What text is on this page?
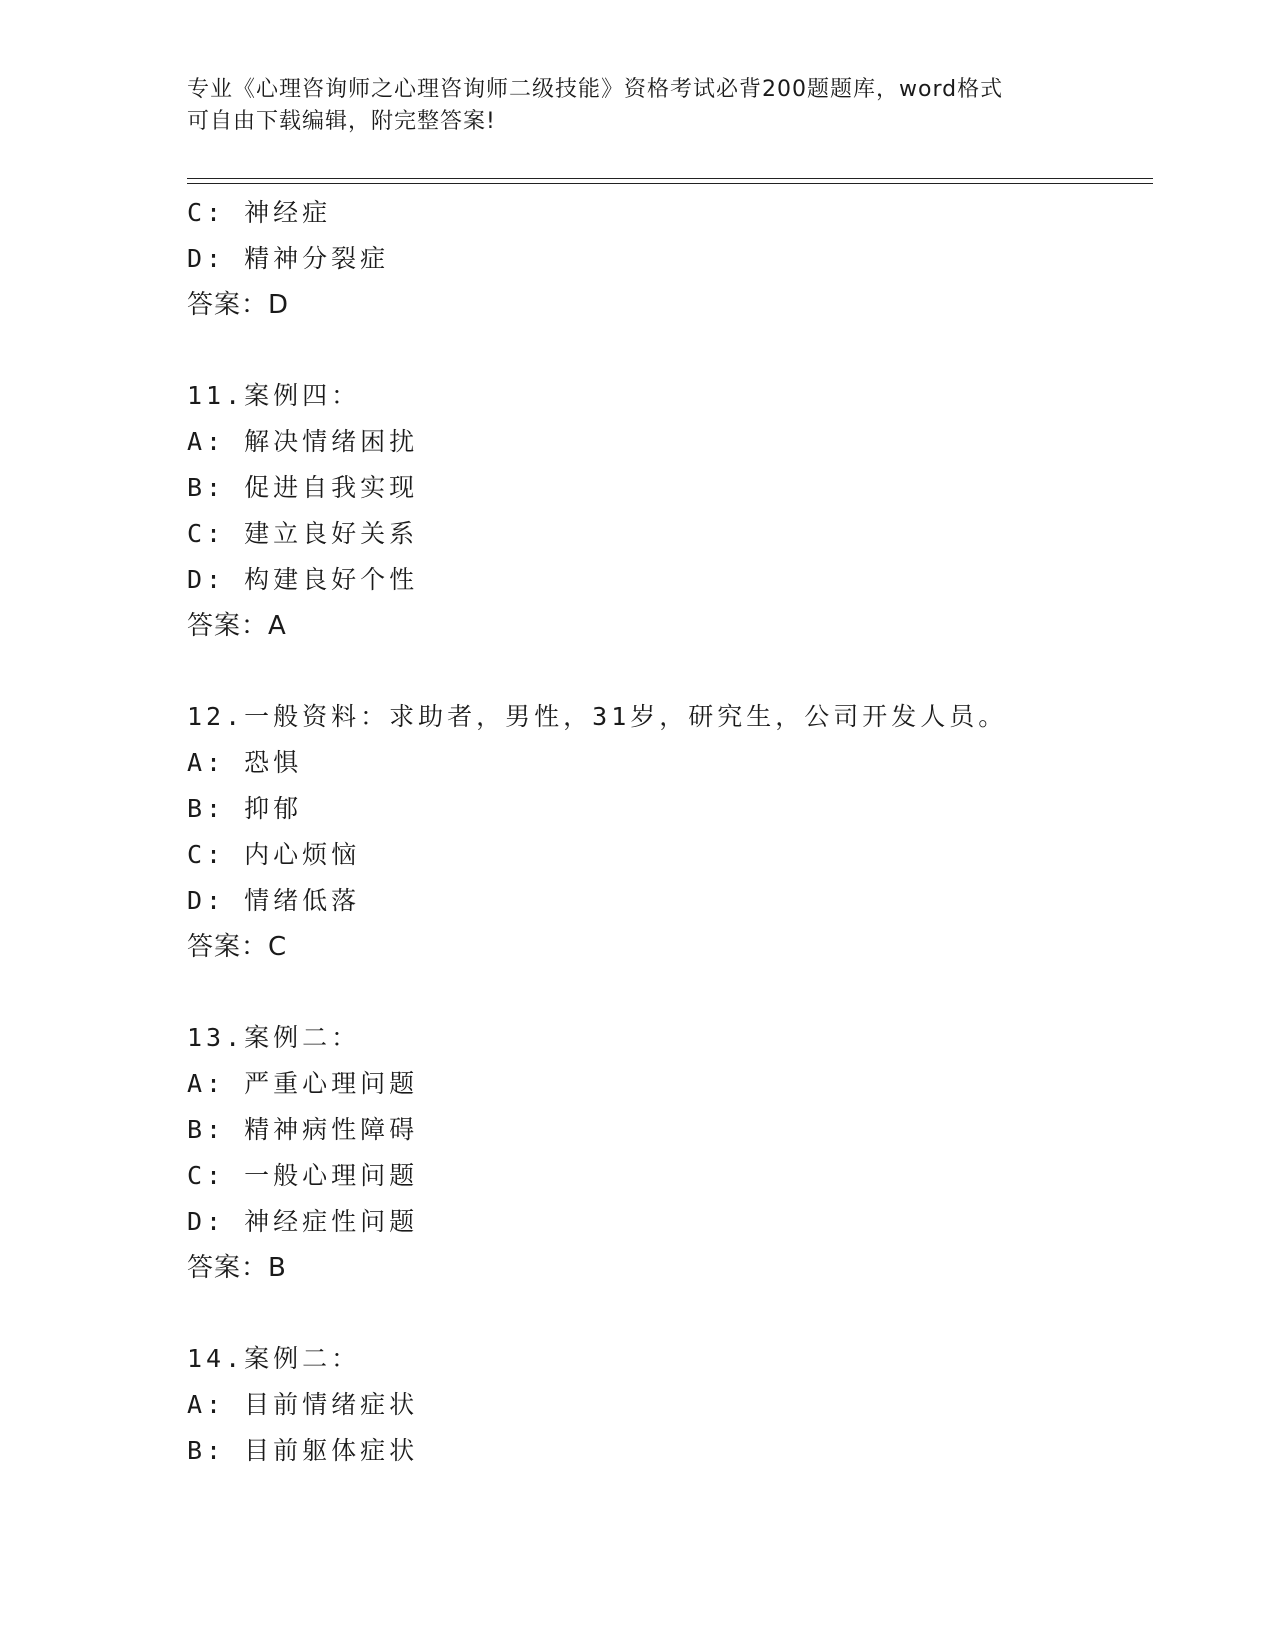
专业《心理咨询师之心理咨询师二级技能》资格考试必背200题题库，word格式
可自由下载编辑，附完整答案!
C: 神经症
D: 精神分裂症
答案：D
11.案例四：
A: 解决情绪困扰
B: 促进自我实现
C: 建立良好关系
D: 构建良好个性
答案：A
12.一般资料：求助者，男性，31岁，研究生，公司开发人员。
A: 恐惧
B: 抑郁
C: 内心烦恼
D: 情绪低落
答案：C
13.案例二：
A: 严重心理问题
B: 精神病性障碍
C: 一般心理问题
D: 神经症性问题
答案：B
14.案例二：
A: 目前情绪症状
B: 目前躯体症状
